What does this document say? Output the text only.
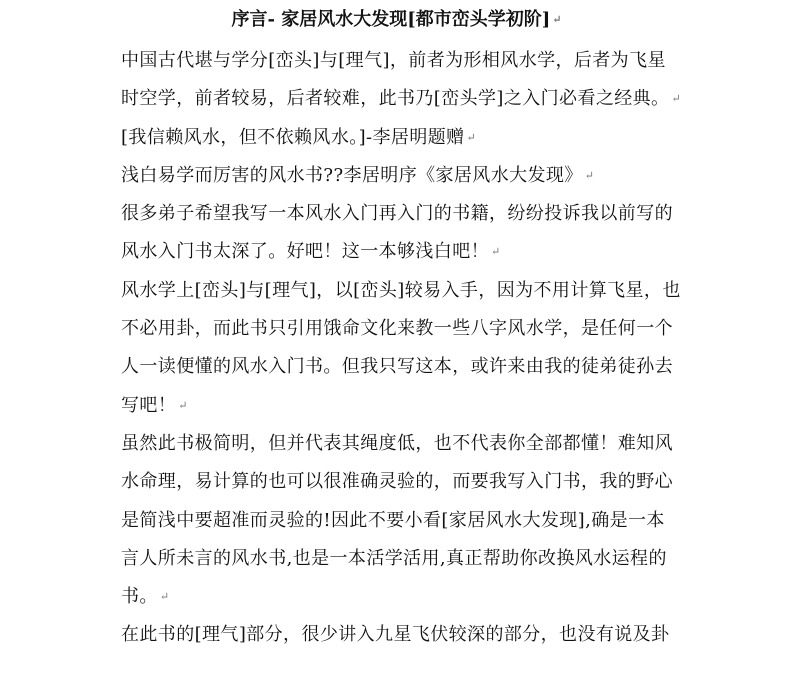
序言- 家居风水大发现[都市峦头学初阶] ↵
中国古代堪与学分[峦头]与[理气]，前者为形相风水学，后者为飞星
时空学，前者较易，后者较难，此书乃[峦头学]之入门必看之经典。 ↵
[我信赖风水，但不依赖风水。]-李居明题赠 ↵
浅白易学而厉害的风水书??李居明序《家居风水大发现》 ↵
很多弟子希望我写一本风水入门再入门的书籍，纷纷投诉我以前写的
风水入门书太深了。好吧！这一本够浅白吧！ ↵
风水学上[峦头]与[理气]，以[峦头]较易入手，因为不用计算飞星，也
不必用卦，而此书只引用饿命文化来教一些八字风水学，是任何一个
人一读便懂的风水入门书。但我只写这本，或许来由我的徒弟徒孙去
写吧！ ↵
虽然此书极简明，但并代表其绳度低，也不代表你全部都懂！难知风
水命理，易计算的也可以很准确灵验的，而要我写入门书，我的野心
是简浅中要超准而灵验的!因此不要小看[家居风水大发现],确是一本
言人所未言的风水书,也是一本活学活用,真正帮助你改换风水运程的
书。 ↵
在此书的[理气]部分，很少讲入九星飞伏较深的部分，也没有说及卦
